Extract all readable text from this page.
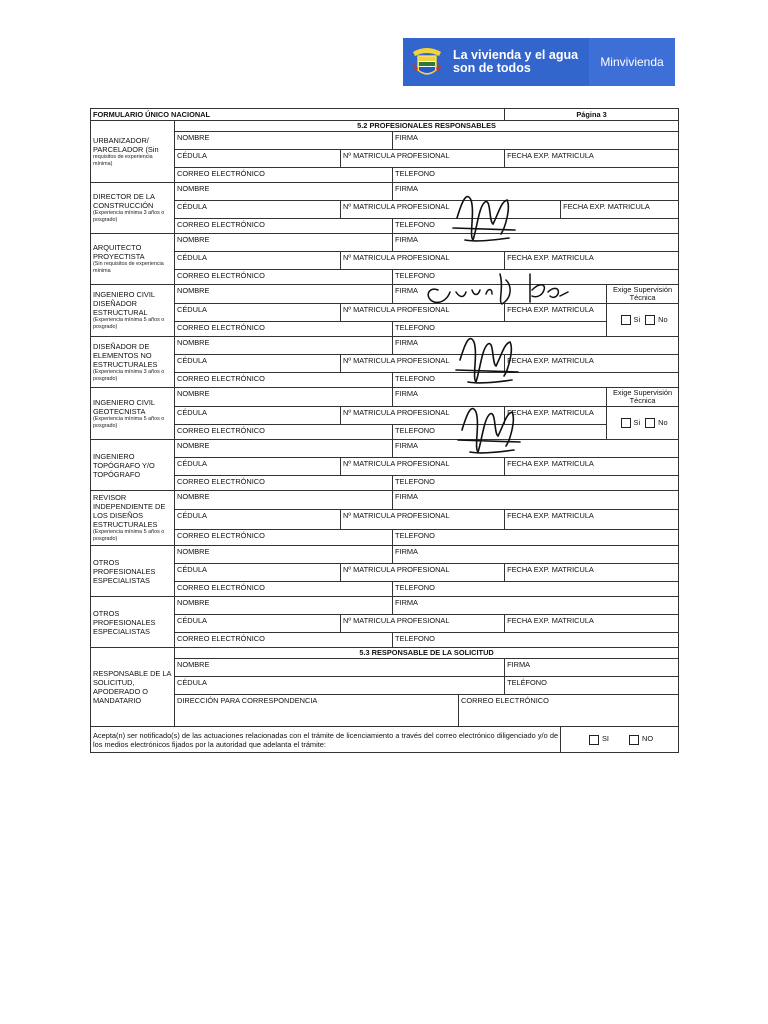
La vivienda y el agua
son de todos	Minvivienda
FORMULARIO ÚNICO NACIONAL					Página 3		
URBANIZADOR/ PARCELADOR (Sin
requisitos de experiencia mínima)	5.2 PROFESIONALES RESPONSABLES						
	NOMBRE		FIRMA				
	CÉDULA	Nº MATRICULA PROFESIONAL			FECHA EXP. MATRICULA		
	CORREO ELECTRÓNICO		TELEFONO				
DIRECTOR DE LA CONSTRUCCIÓN
(Experiencia mínima 3 años o posgrado)	NOMBRE		FIRMA				
	CÉDULA	Nº MATRICULA PROFESIONAL				FECHA EXP. MATRICULA	
	CORREO ELECTRÓNICO		TELEFONO				
ARQUITECTO PROYECTISTA
(Sin requisitos de experiencia mínima	NOMBRE		FIRMA				
	CÉDULA	Nº MATRICULA PROFESIONAL			FECHA EXP. MATRICULA		
	CORREO ELECTRÓNICO		TELEFONO				
INGENIERO CIVIL DISEÑADOR ESTRUCTURAL
(Experiencia mínima 5 años o posgrado)	NOMBRE		FIRMA				Exige Supervisión Técnica
	CÉDULA	Nº MATRICULA PROFESIONAL			FECHA EXP. MATRICULA		Si No
	CORREO ELECTRÓNICO		TELEFONO				
DISEÑADOR DE ELEMENTOS NO ESTRUCTURALES
(Experiencia mínima 3 años o posgrado)	NOMBRE		FIRMA				
	CÉDULA	Nº MATRICULA PROFESIONAL			FECHA EXP. MATRICULA		
	CORREO ELECTRÓNICO		TELEFONO				
INGENIERO CIVIL GEOTECNISTA
(Experiencia mínima 5 años o posgrado)	NOMBRE		FIRMA				Exige Supervisión Técnica
	CÉDULA	Nº MATRICULA PROFESIONAL			FECHA EXP. MATRICULA		Si No
	CORREO ELECTRÓNICO		TELEFONO				
INGENIERO TOPÓGRAFO Y/O TOPÓGRAFO	NOMBRE		FIRMA				
	CÉDULA	Nº MATRICULA PROFESIONAL			FECHA EXP. MATRICULA		
	CORREO ELECTRÓNICO		TELEFONO				
REVISOR INDEPENDIENTE DE LOS DISEÑOS ESTRUCTURALES
(Experiencia mínima 5 años o posgrado)	NOMBRE		FIRMA				
	CÉDULA	Nº MATRICULA PROFESIONAL			FECHA EXP. MATRICULA		
	CORREO ELECTRÓNICO		TELEFONO				
OTROS PROFESIONALES ESPECIALISTAS	NOMBRE		FIRMA				
	CÉDULA	Nº MATRICULA PROFESIONAL			FECHA EXP. MATRICULA		
	CORREO ELECTRÓNICO		TELEFONO				
OTROS PROFESIONALES ESPECIALISTAS	NOMBRE		FIRMA				
	CÉDULA	Nº MATRICULA PROFESIONAL			FECHA EXP. MATRICULA		
	CORREO ELECTRÓNICO		TELEFONO				
RESPONSABLE DE LA SOLICITUD, APODERADO O MANDATARIO	5.3 RESPONSABLE DE LA SOLICITUD						
	NOMBRE				FIRMA		
	CÉDULA				TELÉFONO		
	DIRECCIÓN PARA CORRESPONDENCIA			CORREO ELECTRÓNICO			
Acepta(n) ser notificado(s) de las actuaciones relacionadas con el trámite de licenciamiento a través del correo electrónico diligenciado y/o de los medios electrónicos fijados por la autoridad que adelanta el trámite:						SI NO	
